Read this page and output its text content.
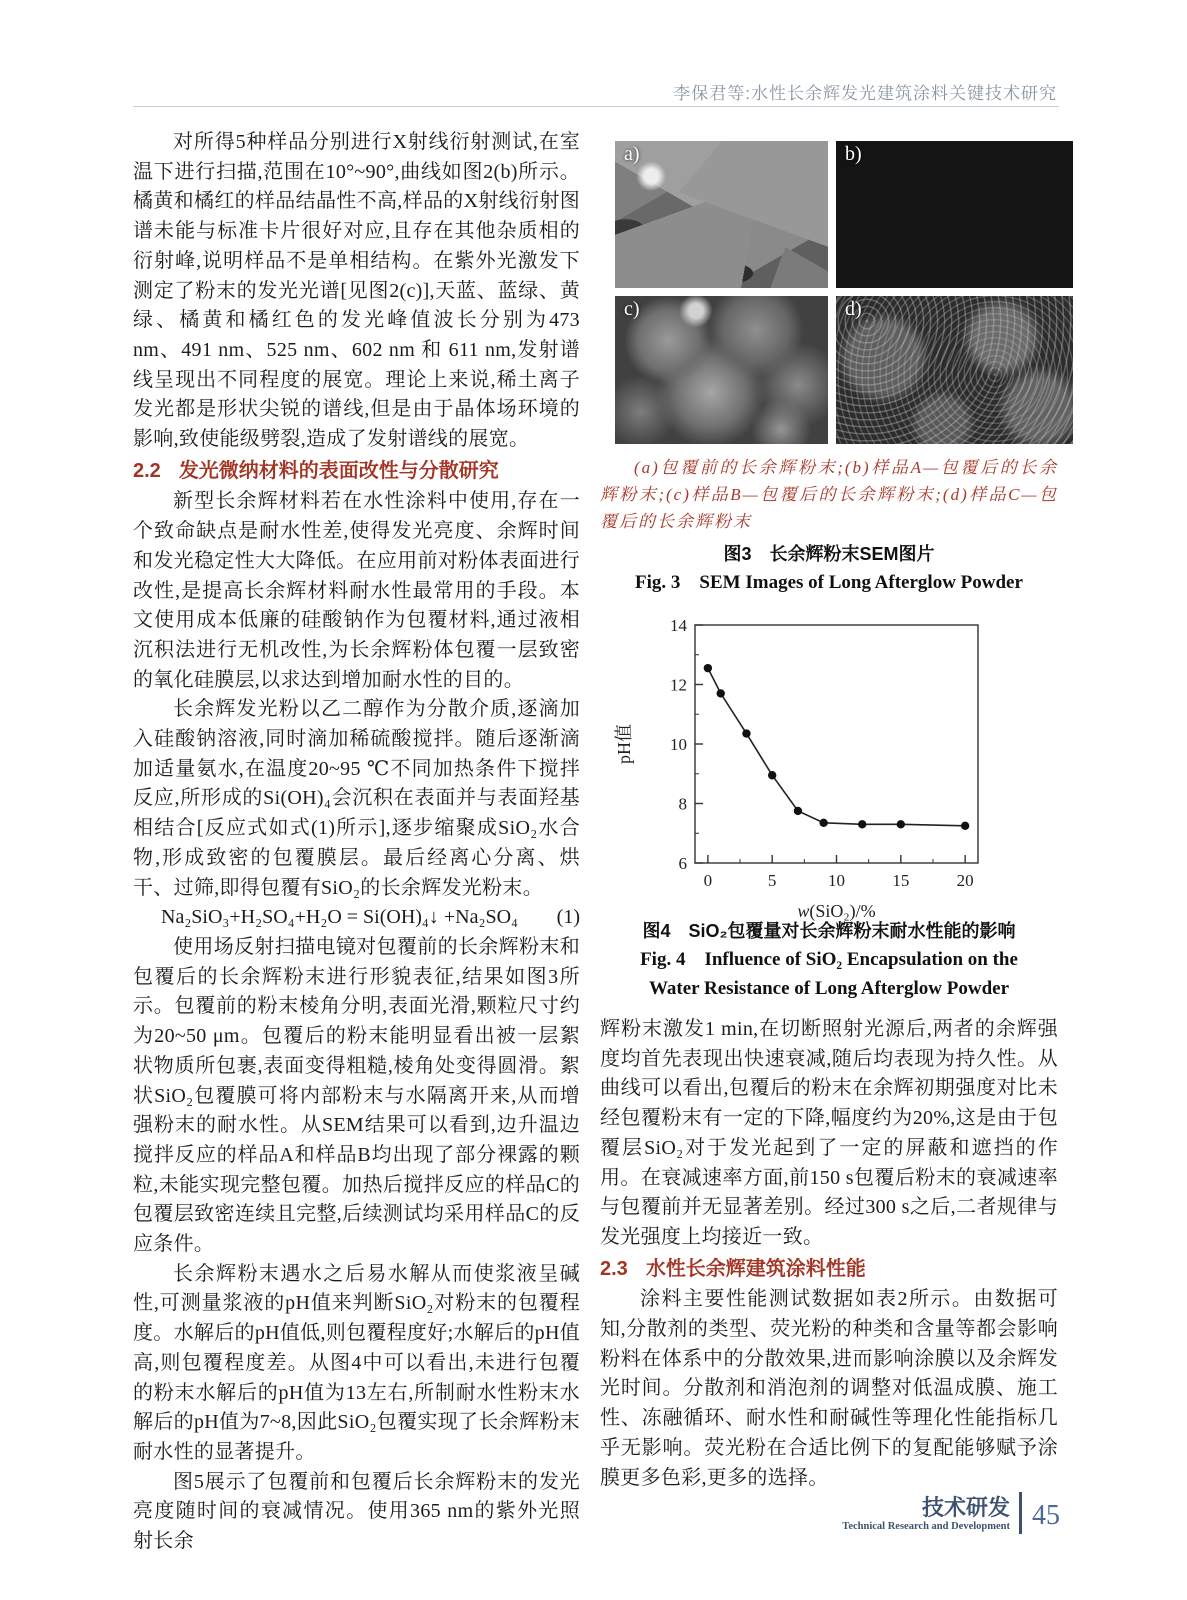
李保君等:水性长余辉发光建筑涂料关键技术研究

对所得5种样品分别进行X射线衍射测试,在室温下进行扫描,范围在10°~90°,曲线如图2(b)所示。橘黄和橘红的样品结晶性不高,样品的X射线衍射图谱未能与标准卡片很好对应,且存在其他杂质相的衍射峰,说明样品不是单相结构。在紫外光激发下测定了粉末的发光光谱[见图2(c)],天蓝、蓝绿、黄绿、橘黄和橘红色的发光峰值波长分别为473 nm、491 nm、525 nm、602 nm 和 611 nm,发射谱线呈现出不同程度的展宽。理论上来说,稀土离子发光都是形状尖锐的谱线,但是由于晶体场环境的影响,致使能级劈裂,造成了发射谱线的展宽。

2.2 发光微纳材料的表面改性与分散研究

新型长余辉材料若在水性涂料中使用,存在一个致命缺点是耐水性差,使得发光亮度、余辉时间和发光稳定性大大降低。在应用前对粉体表面进行改性,是提高长余辉材料耐水性最常用的手段。本文使用成本低廉的硅酸钠作为包覆材料,通过液相沉积法进行无机改性,为长余辉粉体包覆一层致密的氧化硅膜层,以求达到增加耐水性的目的。

长余辉发光粉以乙二醇作为分散介质,逐滴加入硅酸钠溶液,同时滴加稀硫酸搅拌。随后逐渐滴加适量氨水,在温度20~95 ℃不同加热条件下搅拌反应,所形成的Si(OH)₄会沉积在表面并与表面羟基相结合[反应式如式(1)所示],逐步缩聚成SiO₂水合物,形成致密的包覆膜层。最后经离心分离、烘干、过筛,即得包覆有SiO₂的长余辉发光粉末。

Na₂SiO₃+H₂SO₄+H₂O = Si(OH)₄↓ +Na₂SO₄ (1)

使用场反射扫描电镜对包覆前的长余辉粉末和包覆后的长余辉粉末进行形貌表征,结果如图3所示。包覆前的粉末棱角分明,表面光滑,颗粒尺寸约为20~50 μm。包覆后的粉末能明显看出被一层絮状物质所包裹,表面变得粗糙,棱角处变得圆滑。絮状SiO₂包覆膜可将内部粉末与水隔离开来,从而增强粉末的耐水性。从SEM结果可以看到,边升温边搅拌反应的样品A和样品B均出现了部分裸露的颗粒,未能实现完整包覆。加热后搅拌反应的样品C的包覆层致密连续且完整,后续测试均采用样品C的反应条件。

长余辉粉末遇水之后易水解从而使浆液呈碱性,可测量浆液的pH值来判断SiO₂对粉末的包覆程度。水解后的pH值低,则包覆程度好;水解后的pH值高,则包覆程度差。从图4中可以看出,未进行包覆的粉末水解后的pH值为13左右,所制耐水性粉末水解后的pH值为7~8,因此SiO₂包覆实现了长余辉粉末耐水性的显著提升。

图5展示了包覆前和包覆后长余辉粉末的发光亮度随时间的衰减情况。使用365 nm的紫外光照射长余

a)	b)
c)	d)

(a)包覆前的长余辉粉末;(b)样品A—包覆后的长余辉粉末;(c)样品B—包覆后的长余辉粉末;(d)样品C—包覆后的长余辉粉末

图3　长余辉粉末SEM图片

Fig. 3　SEM Images of Long Afterglow Powder

6
8
10
12
14
0	5	10	15	20
pH值
w(SiO₂)/%

图4　SiO₂包覆量对长余辉粉末耐水性能的影响

Fig. 4　Influence of SiO₂ Encapsulation on the Water Resistance of Long Afterglow Powder

辉粉末激发1 min,在切断照射光源后,两者的余辉强度均首先表现出快速衰减,随后均表现为持久性。从曲线可以看出,包覆后的粉末在余辉初期强度对比未经包覆粉末有一定的下降,幅度约为20%,这是由于包覆层SiO₂对于发光起到了一定的屏蔽和遮挡的作用。在衰减速率方面,前150 s包覆后粉末的衰减速率与包覆前并无显著差别。经过300 s之后,二者规律与发光强度上均接近一致。

2.3 水性长余辉建筑涂料性能

涂料主要性能测试数据如表2所示。由数据可知,分散剂的类型、荧光粉的种类和含量等都会影响粉料在体系中的分散效果,进而影响涂膜以及余辉发光时间。分散剂和消泡剂的调整对低温成膜、施工性、冻融循环、耐水性和耐碱性等理化性能指标几乎无影响。荧光粉在合适比例下的复配能够赋予涂膜更多色彩,更多的选择。

技术研发
Technical Research and Development 45
